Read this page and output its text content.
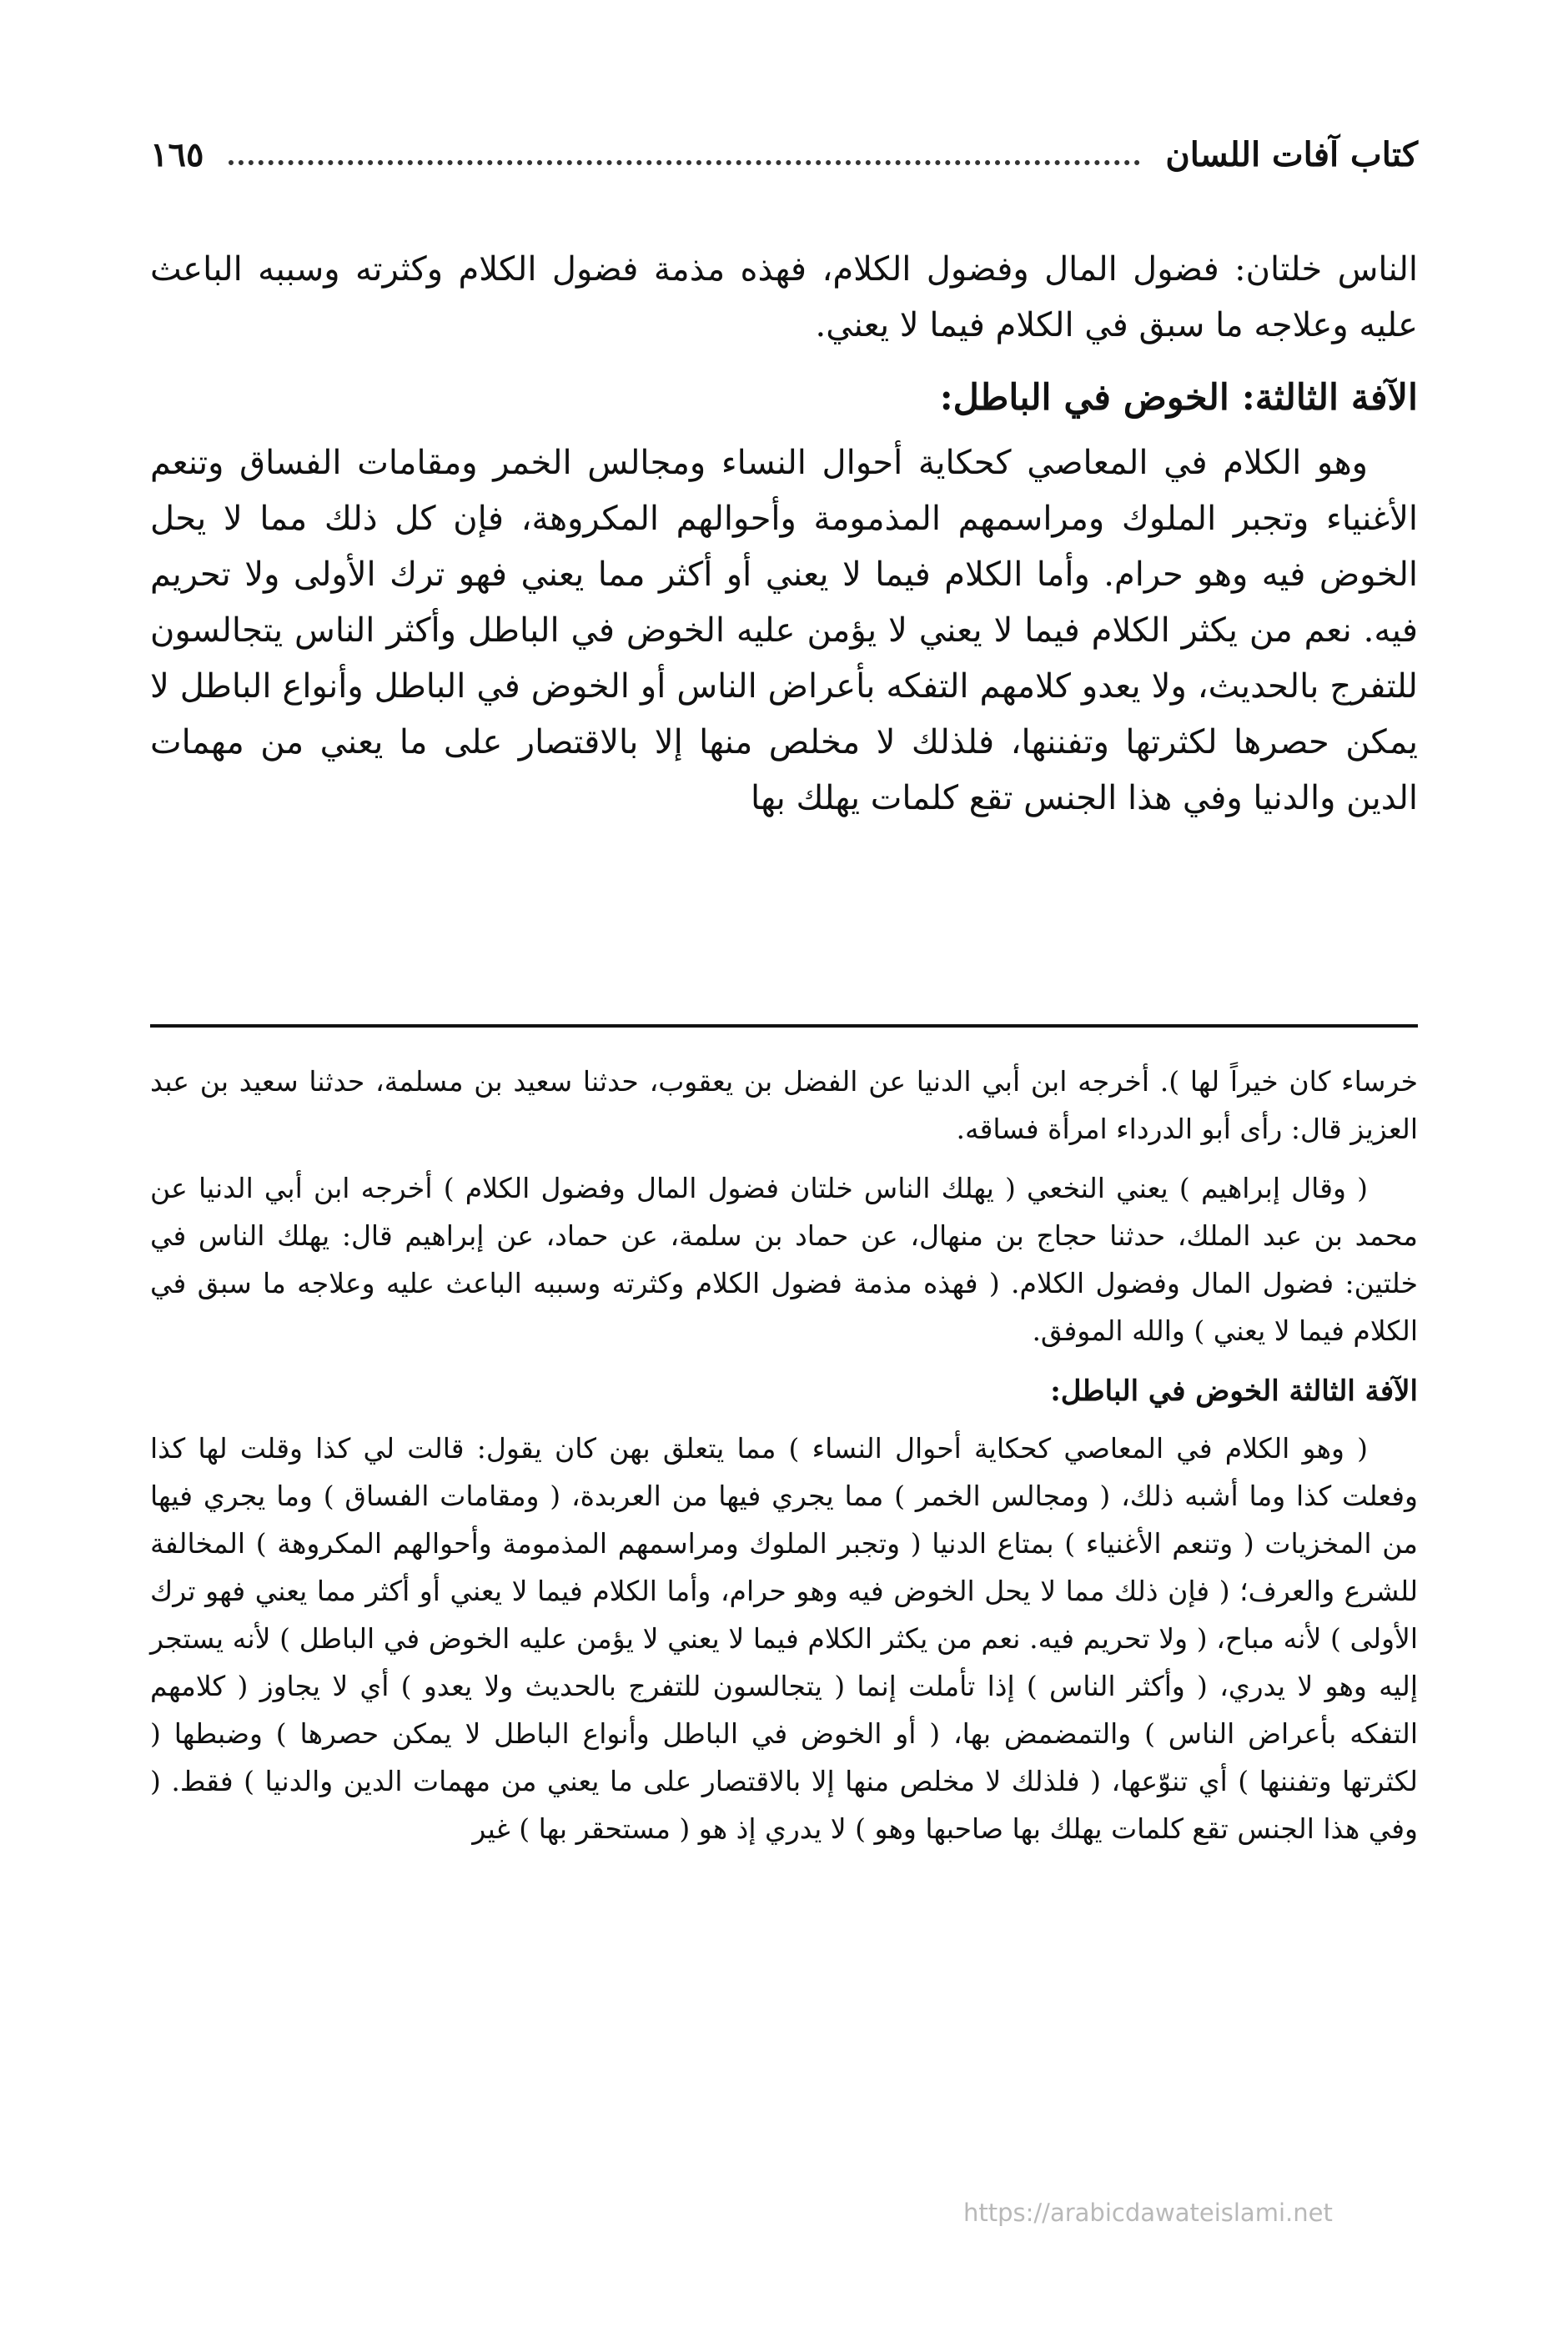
كتاب آفات اللسان
١٦٥

الناس خلتان: فضول المال وفضول الكلام، فهذه مذمة فضول الكلام وكثرته وسببه الباعث عليه وعلاجه ما سبق في الكلام فيما لا يعني.

الآفة الثالثة: الخوض في الباطل:

وهو الكلام في المعاصي كحكاية أحوال النساء ومجالس الخمر ومقامات الفساق وتنعم الأغنياء وتجبر الملوك ومراسمهم المذمومة وأحوالهم المكروهة، فإن كل ذلك مما لا يحل الخوض فيه وهو حرام. وأما الكلام فيما لا يعني أو أكثر مما يعني فهو ترك الأولى ولا تحريم فيه. نعم من يكثر الكلام فيما لا يعني لا يؤمن عليه الخوض في الباطل وأكثر الناس يتجالسون للتفرج بالحديث، ولا يعدو كلامهم التفكه بأعراض الناس أو الخوض في الباطل وأنواع الباطل لا يمكن حصرها لكثرتها وتفننها، فلذلك لا مخلص منها إلا بالاقتصار على ما يعني من مهمات الدين والدنيا وفي هذا الجنس تقع كلمات يهلك بها

خرساء كان خيراً لها ). أخرجه ابن أبي الدنيا عن الفضل بن يعقوب، حدثنا سعيد بن مسلمة، حدثنا سعيد بن عبد العزيز قال: رأى أبو الدرداء امرأة فساقه.

( وقال إبراهيم ) يعني النخعي ( يهلك الناس خلتان فضول المال وفضول الكلام ) أخرجه ابن أبي الدنيا عن محمد بن عبد الملك، حدثنا حجاج بن منهال، عن حماد بن سلمة، عن حماد، عن إبراهيم قال: يهلك الناس في خلتين: فضول المال وفضول الكلام. ( فهذه مذمة فضول الكلام وكثرته وسببه الباعث عليه وعلاجه ما سبق في الكلام فيما لا يعني ) والله الموفق.

الآفة الثالثة الخوض في الباطل:

( وهو الكلام في المعاصي كحكاية أحوال النساء ) مما يتعلق بهن كان يقول: قالت لي كذا وقلت لها كذا وفعلت كذا وما أشبه ذلك، ( ومجالس الخمر ) مما يجري فيها من العربدة، ( ومقامات الفساق ) وما يجري فيها من المخزيات ( وتنعم الأغنياء ) بمتاع الدنيا ( وتجبر الملوك ومراسمهم المذمومة وأحوالهم المكروهة ) المخالفة للشرع والعرف؛ ( فإن ذلك مما لا يحل الخوض فيه وهو حرام، وأما الكلام فيما لا يعني أو أكثر مما يعني فهو ترك الأولى ) لأنه مباح، ( ولا تحريم فيه. نعم من يكثر الكلام فيما لا يعني لا يؤمن عليه الخوض في الباطل ) لأنه يستجر إليه وهو لا يدري، ( وأكثر الناس ) إذا تأملت إنما ( يتجالسون للتفرج بالحديث ولا يعدو ) أي لا يجاوز ( كلامهم التفكه بأعراض الناس ) والتمضمض بها، ( أو الخوض في الباطل وأنواع الباطل لا يمكن حصرها ) وضبطها ( لكثرتها وتفننها ) أي تنوّعها، ( فلذلك لا مخلص منها إلا بالاقتصار على ما يعني من مهمات الدين والدنيا ) فقط. ( وفي هذا الجنس تقع كلمات يهلك بها صاحبها وهو ) لا يدري إذ هو ( مستحقر بها ) غير

https://arabicdawateislami.net
